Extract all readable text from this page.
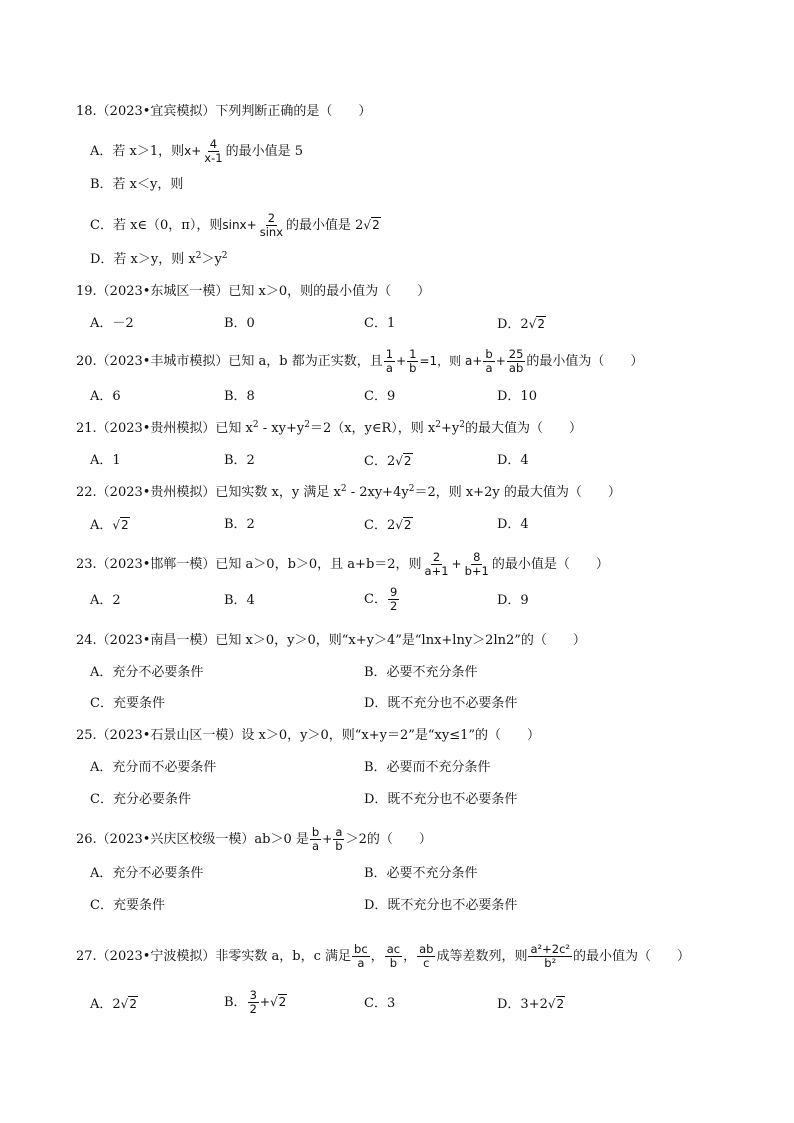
18.（2023•宜宾模拟）下列判断正确的是（　　）
A．若 x＞1，则$x+ \frac{4}{x-1}$ 的最小值是 5
B．若 x＜y，则
C．若 x∈（0，π），则$\sin x+ \frac{2}{\sin x}$ 的最小值是 2√2
D．若 x＞y，则 $x^2>y^2$
19.（2023•东城区一模）已知 x＞0，则的最小值为（　　）
A．－2	B．0	C．1	D．2√2
20.（2023•丰城市模拟）已知 a，b 都为正实数，且 $\frac{1}{a} + \frac{1}{b} =1$，则 $a+ \frac{b}{a} + \frac{25}{ab}$ 的最小值为（　　）
A．6	B．8	C．9	D．10
21.（2023•贵州模拟）已知 $x^2 - xy+y^2=2(x$，y∈R），则 $x^2+y^2$的最大值为（　　）
A．1	B．2	C．2√2	D．4
22.（2023•贵州模拟）已知实数 x，y 满足 $x^2 - 2xy+4y^2=2$，则 x+2y 的最大值为（　　）
A．√2	B．2	C．2√2	D．4
23.（2023•邯郸一模）已知 a＞0，b＞0，且 a+b＝2，则 $\frac{2}{a+1} + \frac{8}{b+1}$ 的最小值是（　　）
A．2	B．4	C． $\frac{9}{2}$	D．9
24.（2023•南昌一模）已知 x＞0，y＞0，则“x+y＞4”是“lnx+lny＞2ln2”的（　　）
A．充分不必要条件	B．必要不充分条件
C．充要条件	D．既不充分也不必要条件
25.（2023•石景山区一模）设 x＞0，y＞0，则“x+y＝2”是“xy≤1”的（　　）
A．充分而不必要条件	B．必要而不充分条件
C．充分必要条件	D．既不充分也不必要条件
26.（2023•兴庆区校级一模）ab＞0 是 $\frac{b}{a} + \frac{a}{b} >2$的（　　）
A．充分不必要条件	B．必要不充分条件
C．充要条件	D．既不充分也不必要条件
27.（2023•宁波模拟）非零实数 a，b，c 满足 $\frac{bc}{a}$ ， $\frac{ac}{b}$ ， $\frac{ab}{c}$ 成等差数列，则 $\frac{\text{a²+2c²}}{\text{b²}}$ 的最小值为（　　）
A．2√2	B． $\frac{3}{2} +√2$	C．3	D．3+2√2
